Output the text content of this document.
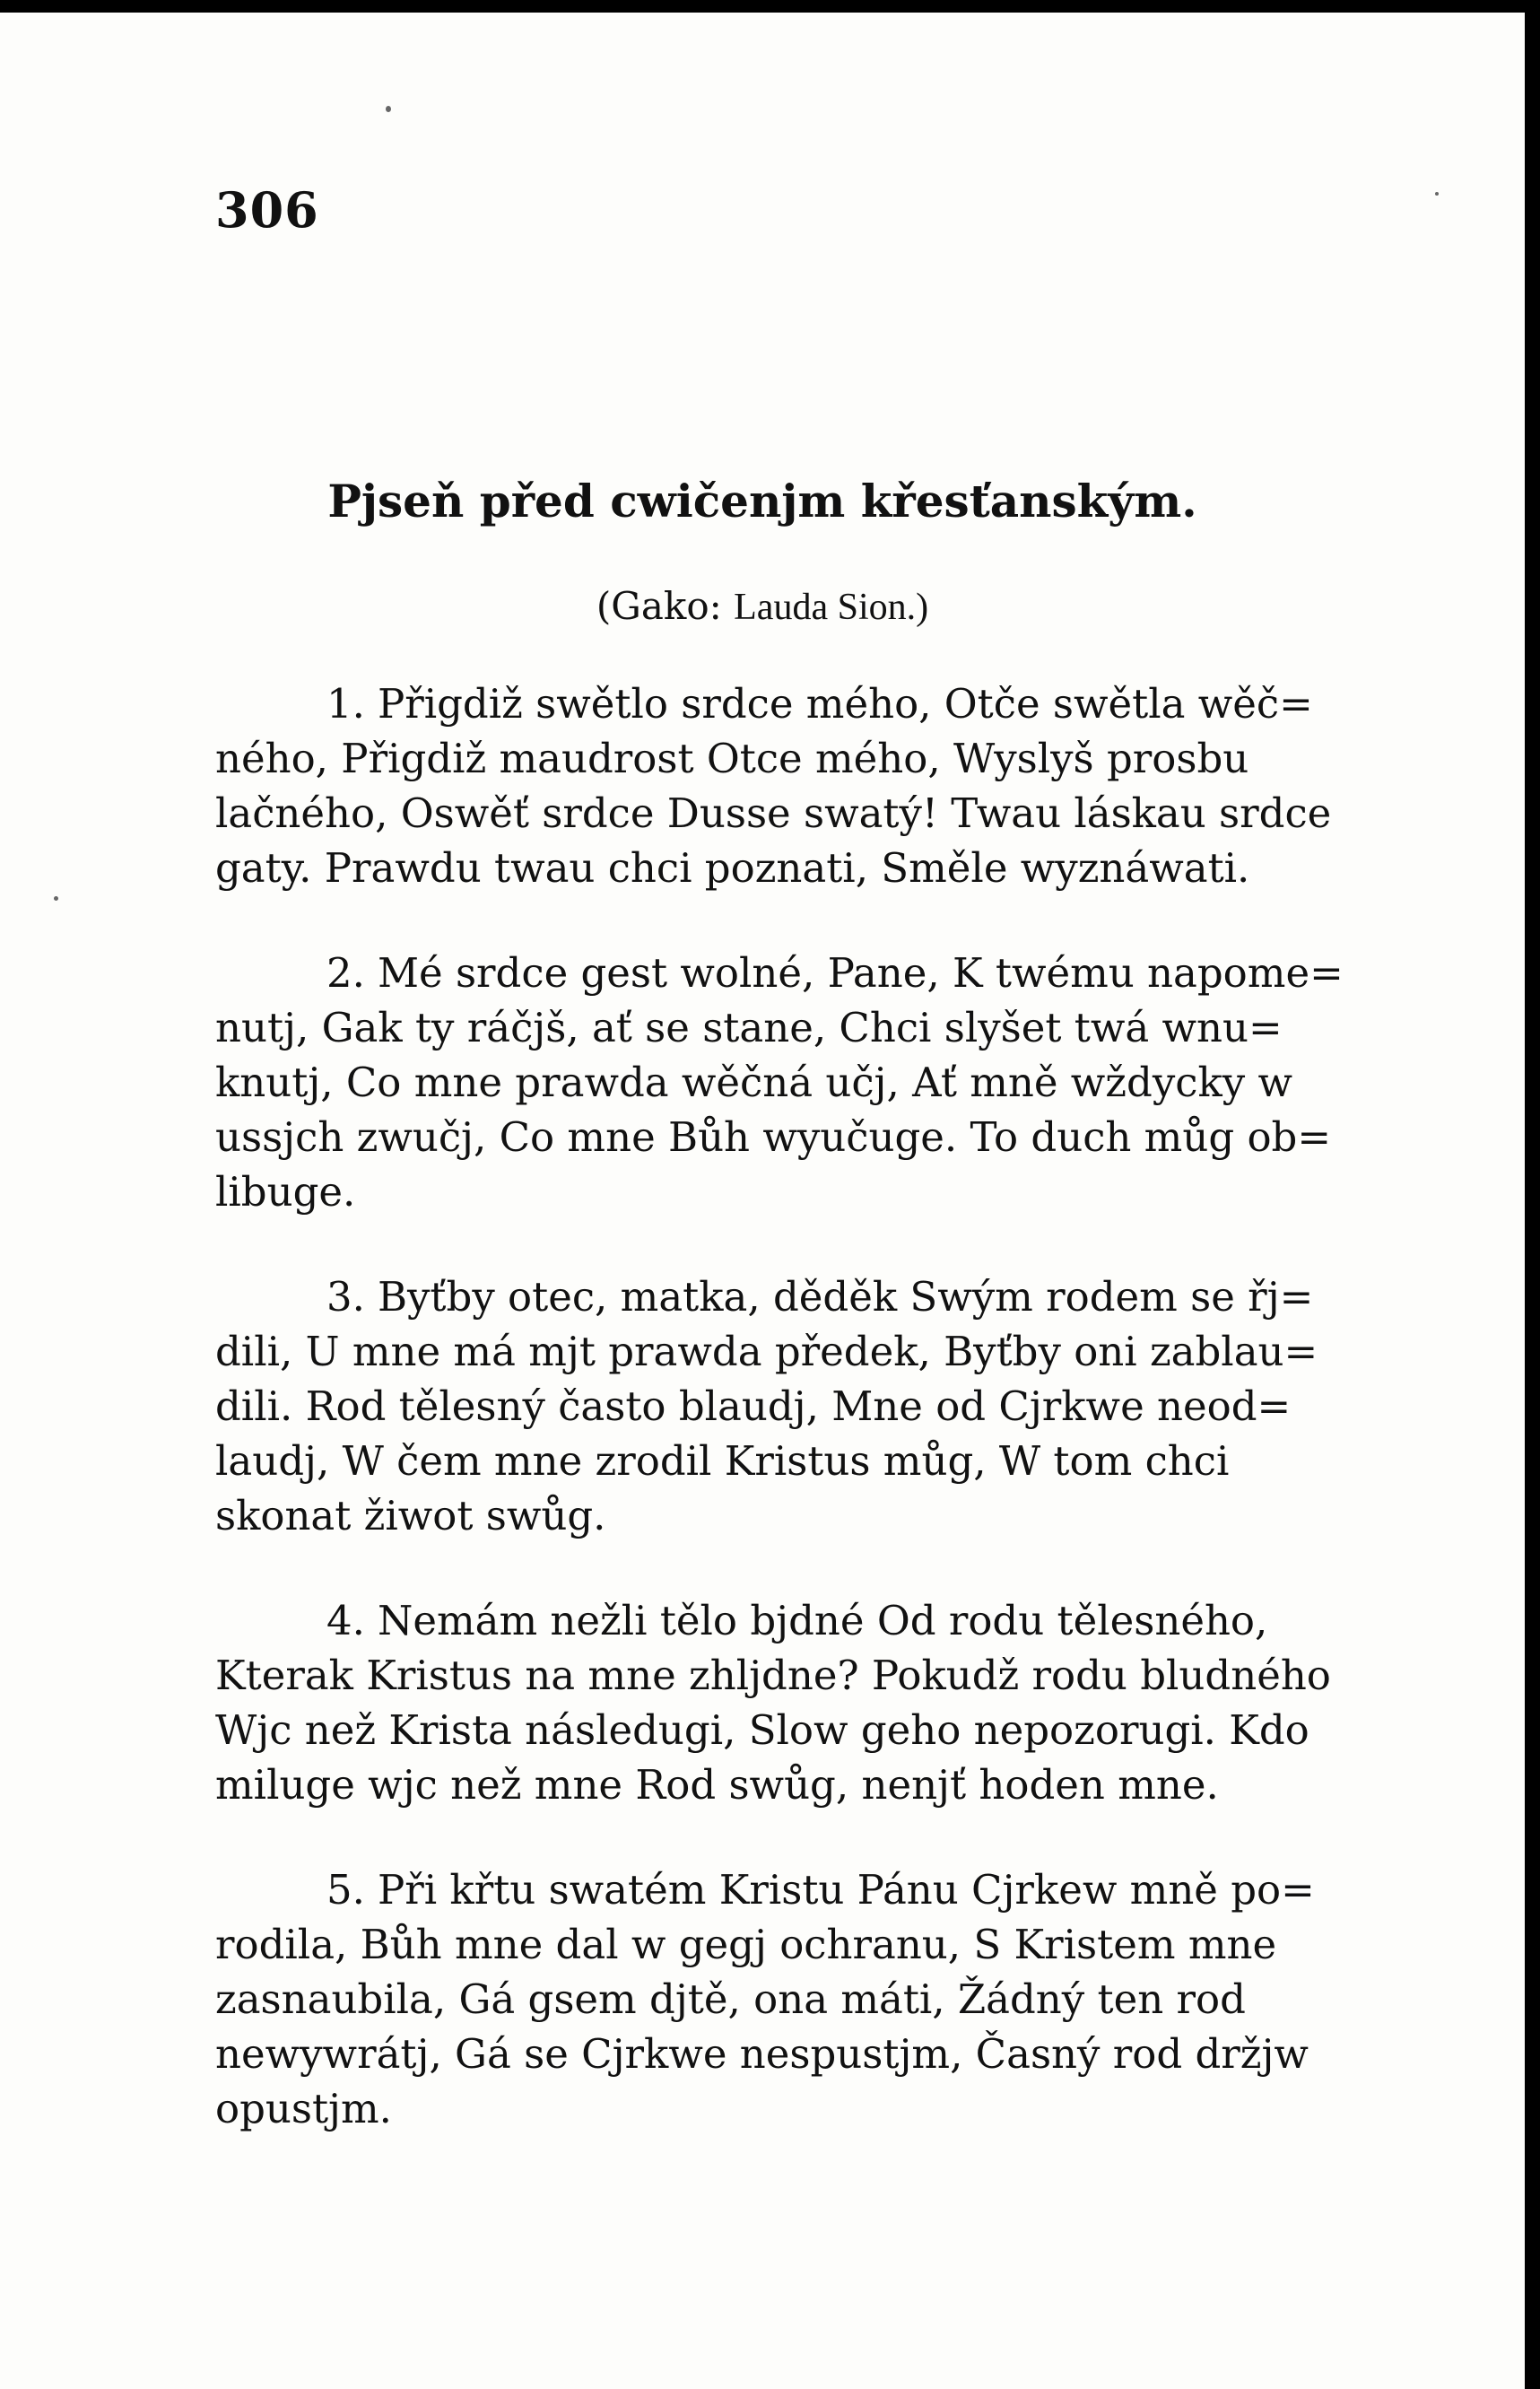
306
Pjseň před cwičenjm křesťanským.
(Gako: Lauda Sion.)
1. Přigdiž swětlo srdce mého, Otče swětla wěč=
ného, Přigdiž maudrost Otce mého, Wyslyš prosbu
lačného, Oswěť srdce Dusse swatý! Twau láskau srdce
gaty. Prawdu twau chci poznati, Směle wyznáwati.
2. Mé srdce gest wolné, Pane, K twému napome=
nutj, Gak ty ráčjš, ať se stane, Chci slyšet twá wnu=
knutj, Co mne prawda wěčná učj, Ať mně wždycky w
ussjch zwučj, Co mne Bůh wyučuge. To duch můg ob=
libuge.
3. Byťby otec, matka, děděk Swým rodem se řj=
dili, U mne má mjt prawda předek, Byťby oni zablau=
dili. Rod tělesný často blaudj, Mne od Cjrkwe neod=
laudj, W čem mne zrodil Kristus můg, W tom chci
skonat žiwot swůg.
4. Nemám nežli tělo bjdné Od rodu tělesného,
Kterak Kristus na mne zhljdne? Pokudž rodu bludného
Wjc než Krista následugi, Slow geho nepozorugi. Kdo
miluge wjc než mne Rod swůg, nenjť hoden mne.
5. Při křtu swatém Kristu Pánu Cjrkew mně po=
rodila, Bůh mne dal w gegj ochranu, S Kristem mne
zasnaubila, Gá gsem djtě, ona máti, Žádný ten rod
newywrátj, Gá se Cjrkwe nespustjm, Časný rod držjw
opustjm.
